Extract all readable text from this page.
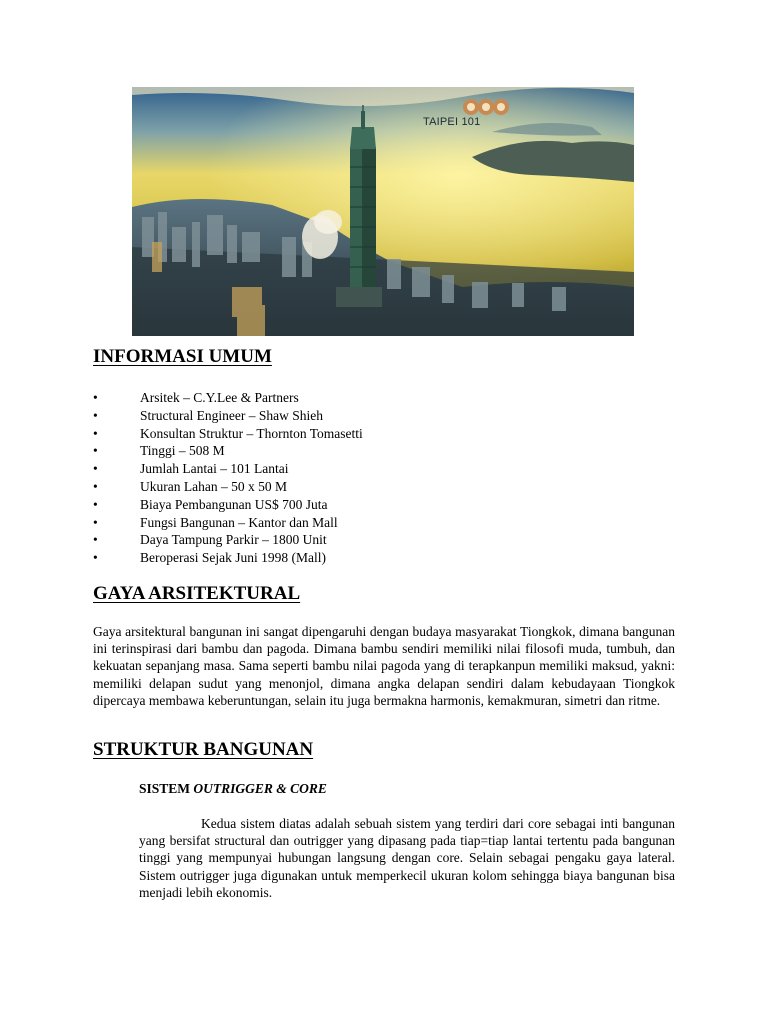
TAIPEI 101
INFORMASI UMUM
•	Arsitek – C.Y.Lee & Partners
•	Structural Engineer – Shaw Shieh
•	Konsultan Struktur – Thornton Tomasetti
•	Tinggi – 508 M
•	Jumlah Lantai – 101 Lantai
•	Ukuran Lahan – 50 x 50 M
•	Biaya Pembangunan US$ 700 Juta
•	Fungsi Bangunan – Kantor dan Mall
•	Daya Tampung Parkir – 1800 Unit
•	Beroperasi Sejak Juni 1998 (Mall)
GAYA ARSITEKTURAL

Gaya arsitektural bangunan ini sangat dipengaruhi dengan budaya masyarakat Tiongkok, dimana bangunan ini terinspirasi dari bambu dan pagoda. Dimana bambu sendiri memiliki nilai filosofi muda, tumbuh, dan kekuatan sepanjang masa. Sama seperti bambu nilai pagoda yang di terapkanpun memiliki maksud, yakni: memiliki delapan sudut yang menonjol, dimana angka delapan sendiri dalam kebudayaan Tiongkok dipercaya membawa keberuntungan, selain itu juga bermakna harmonis, kemakmuran, simetri dan ritme.

STRUKTUR BANGUNAN

SISTEM OUTRIGGER & CORE

Kedua sistem diatas adalah sebuah sistem yang terdiri dari core sebagai inti bangunan yang bersifat structural dan outrigger yang dipasang pada tiap=tiap lantai tertentu pada bangunan tinggi yang mempunyai hubungan langsung dengan core. Selain sebagai pengaku gaya lateral. Sistem outrigger juga digunakan untuk memperkecil ukuran kolom sehingga biaya bangunan bisa menjadi lebih ekonomis.
